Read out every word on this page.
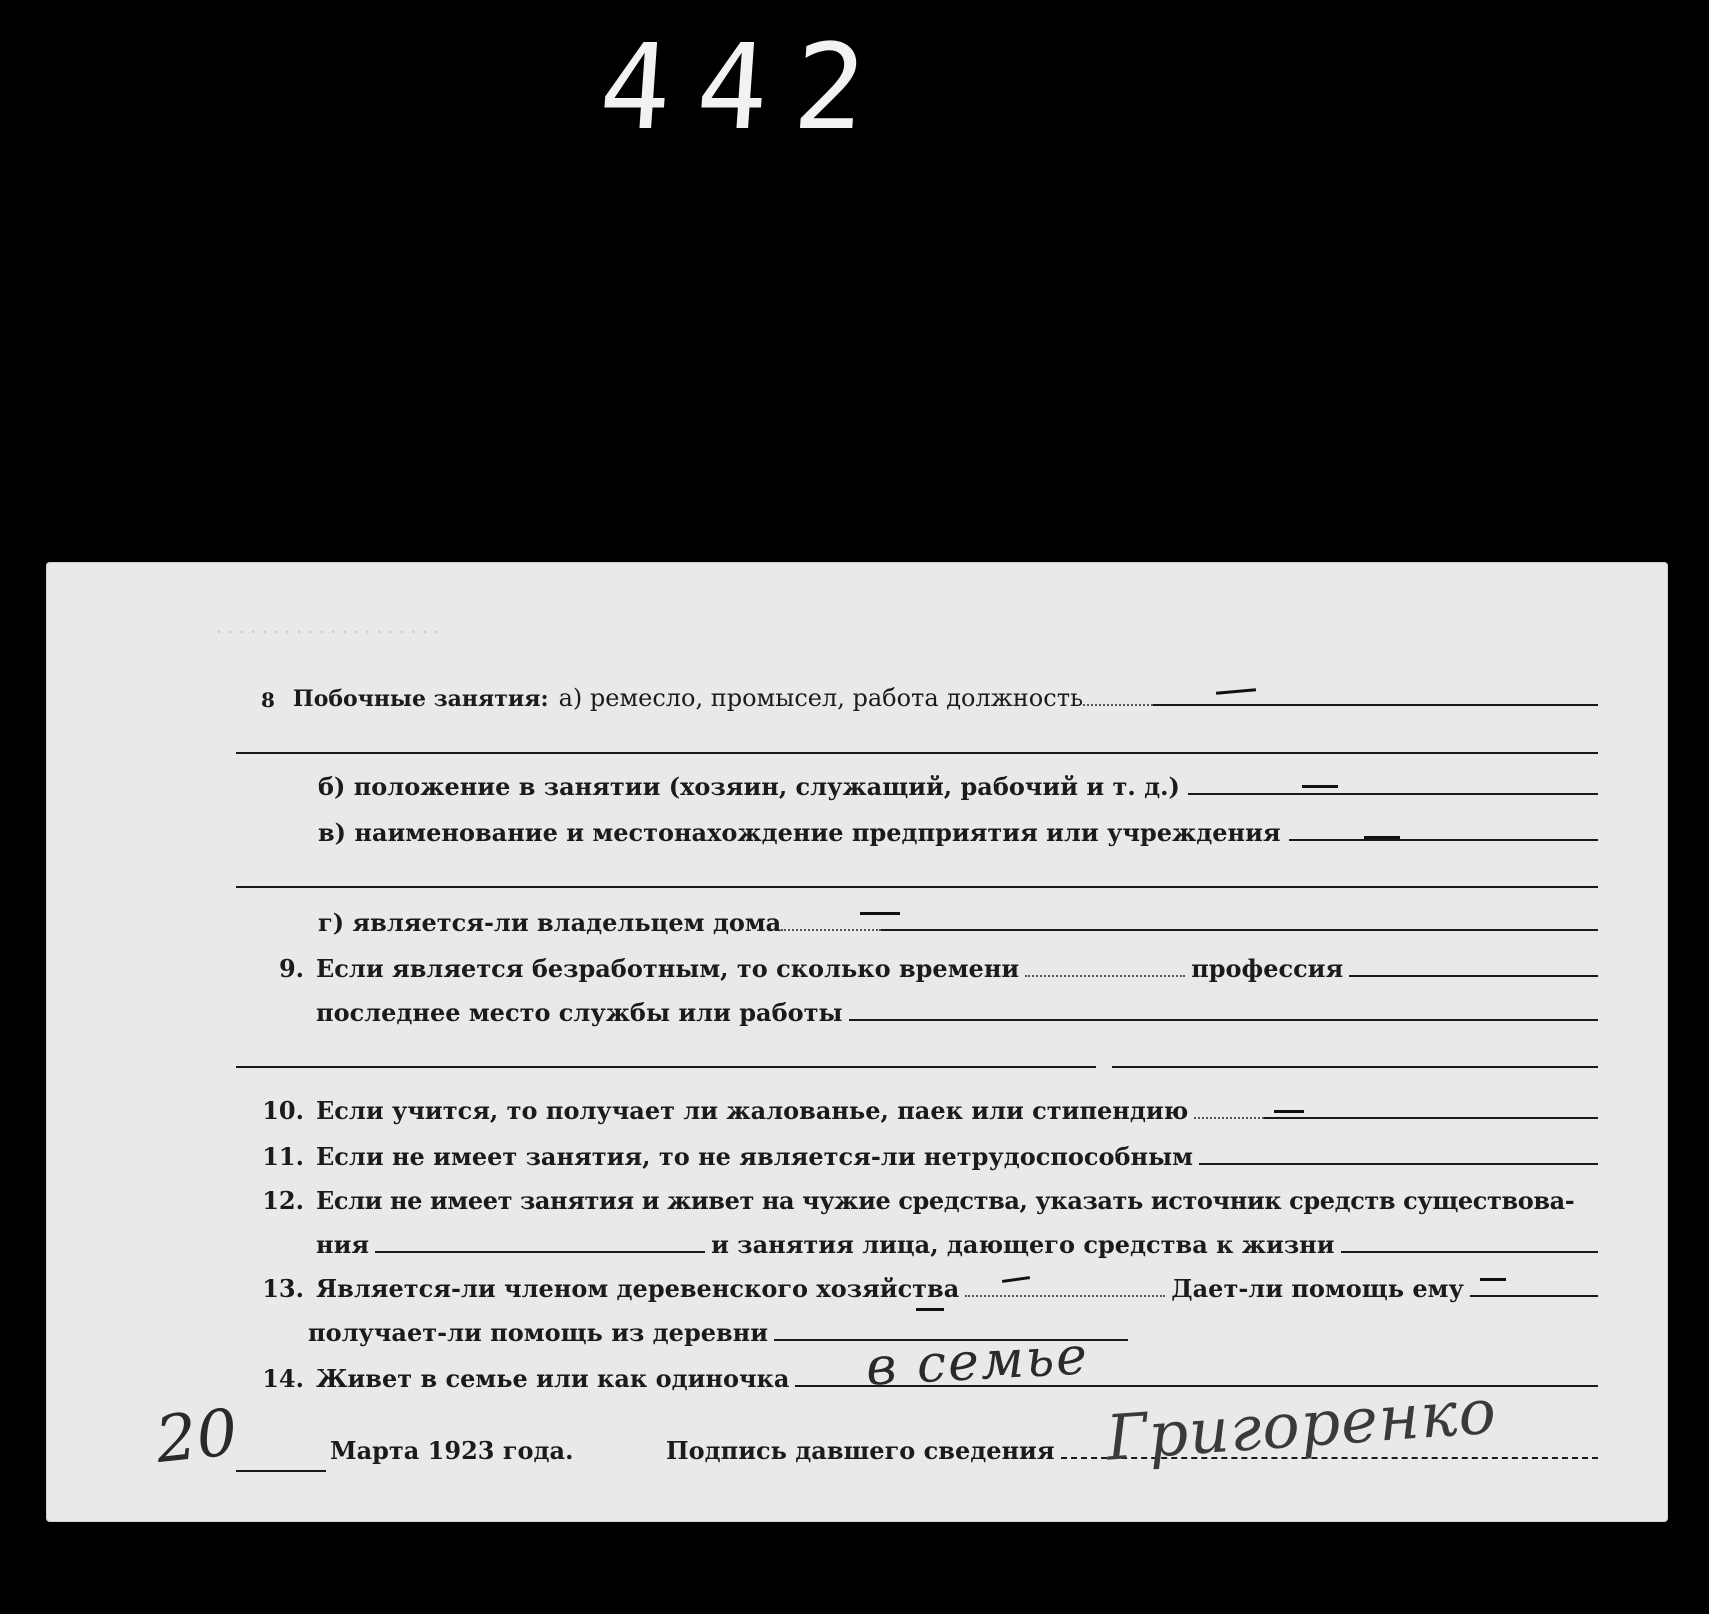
442
· · · · · · · · · · · · · · · · · · · ·
8 Побочные занятия: а) ремесло, промысел, работа должность
б) положение в занятии (хозяин, служащий, рабочий и т. д.)
в) наименование и местонахождение предприятия или учреждения
г) является-ли владельцем дома
9. Если является безработным, то сколько времени	профессия
последнее место службы или работы
10. Если учится, то получает ли жалованье, паек или стипендию
11. Если не имеет занятия, то не является-ли нетрудоспособным
12. Если не имеет занятия и живет на чужие средства, указать источник средств существова-
ния	и занятия лица, дающего средства к жизни
13. Является-ли членом деревенского хозяйства	Дает-ли помощь ему
получает-ли помощь из деревни
14. Живет в семье или как одиночка в семье
20	Марта 1923 года.	Подпись давшего сведения Григоренко
